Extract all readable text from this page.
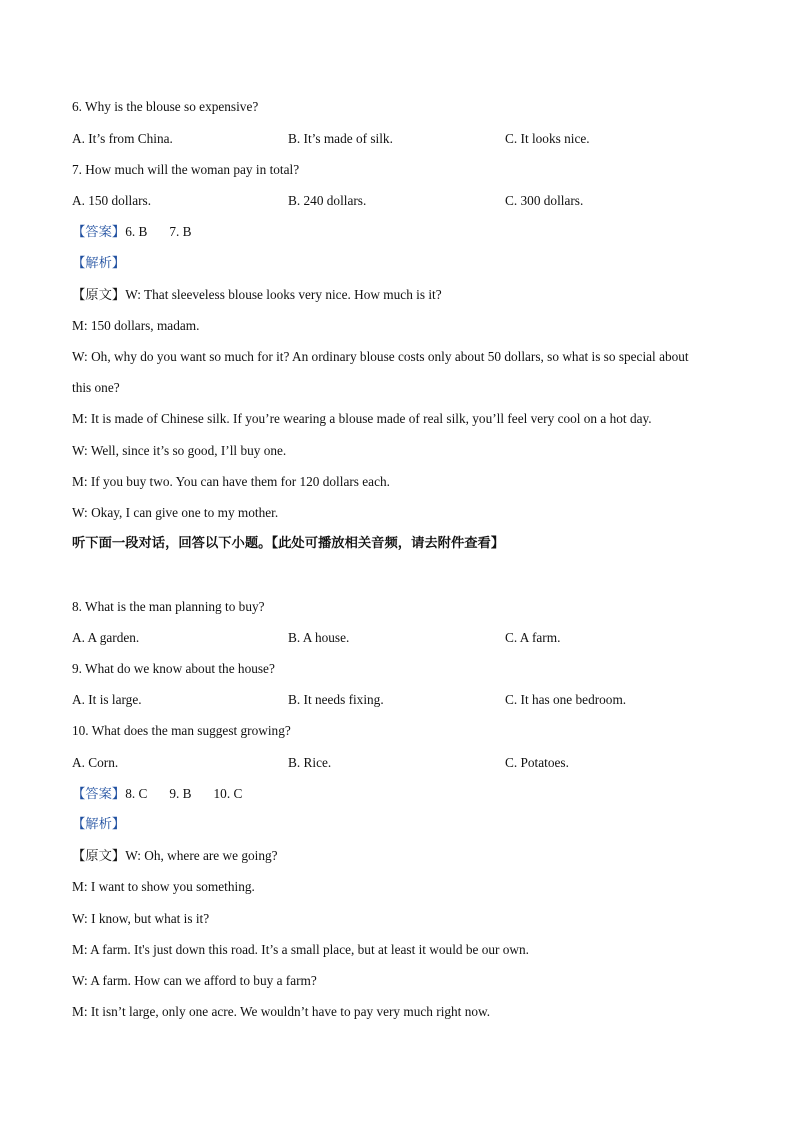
6. Why is the blouse so expensive?
A. It’s from China.	B. It’s made of silk.	C. It looks nice.
7. How much will the woman pay in total?
A. 150 dollars.	B. 240 dollars.	C. 300 dollars.
【答案】6. B 7. B
【解析】
【原文】W: That sleeveless blouse looks very nice. How much is it?
M: 150 dollars, madam.
W: Oh, why do you want so much for it? An ordinary blouse costs only about 50 dollars, so what is so special about
this one?
M: It is made of Chinese silk. If you’re wearing a blouse made of real silk, you’ll feel very cool on a hot day.
W: Well, since it’s so good, I’ll buy one.
M: If you buy two. You can have them for 120 dollars each.
W: Okay, I can give one to my mother.
听下面一段对话，回答以下小题。【此处可播放相关音频，请去附件查看】
8. What is the man planning to buy?
A. A garden.	B. A house.	C. A farm.
9. What do we know about the house?
A. It is large.	B. It needs fixing.	C. It has one bedroom.
10. What does the man suggest growing?
A. Corn.	B. Rice.	C. Potatoes.
【答案】8. C 9. B 10. C
【解析】
【原文】W: Oh, where are we going?
M: I want to show you something.
W: I know, but what is it?
M: A farm. It's just down this road. It’s a small place, but at least it would be our own.
W: A farm. How can we afford to buy a farm?
M: It isn’t large, only one acre. We wouldn’t have to pay very much right now.
